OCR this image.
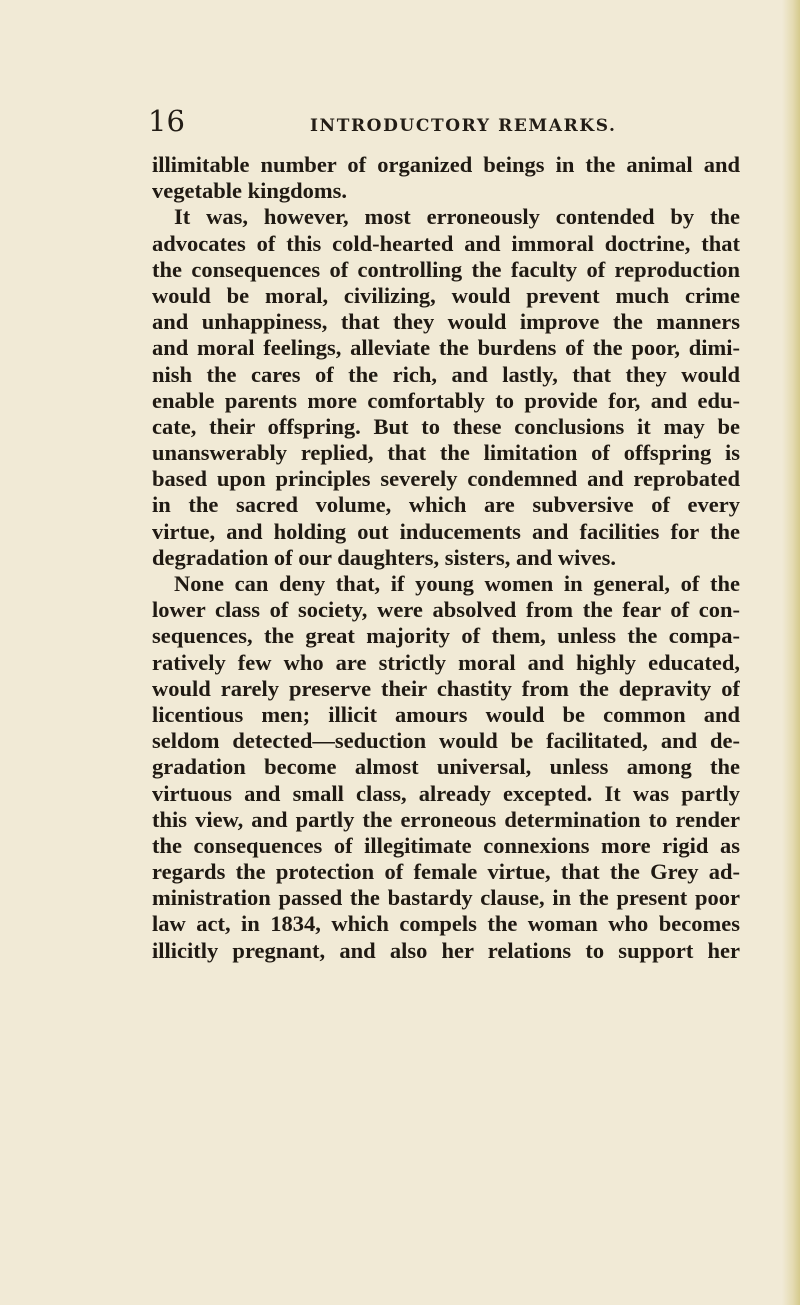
16	INTRODUCTORY REMARKS.
illimitable number of organized beings in the animal and
vegetable kingdoms.
It was, however, most erroneously contended by the
advocates of this cold-hearted and immoral doctrine, that
the consequences of controlling the faculty of reproduction
would be moral, civilizing, would prevent much crime
and unhappiness, that they would improve the manners
and moral feelings, alleviate the burdens of the poor, dimi-
nish the cares of the rich, and lastly, that they would
enable parents more comfortably to provide for, and edu-
cate, their offspring. But to these conclusions it may be
unanswerably replied, that the limitation of offspring is
based upon principles severely condemned and reprobated
in the sacred volume, which are subversive of every
virtue, and holding out inducements and facilities for the
degradation of our daughters, sisters, and wives.
None can deny that, if young women in general, of the
lower class of society, were absolved from the fear of con-
sequences, the great majority of them, unless the compa-
ratively few who are strictly moral and highly educated,
would rarely preserve their chastity from the depravity of
licentious men; illicit amours would be common and
seldom detected—seduction would be facilitated, and de-
gradation become almost universal, unless among the
virtuous and small class, already excepted. It was partly
this view, and partly the erroneous determination to render
the consequences of illegitimate connexions more rigid as
regards the protection of female virtue, that the Grey ad-
ministration passed the bastardy clause, in the present poor
law act, in 1834, which compels the woman who becomes
illicitly pregnant, and also her relations to support her
